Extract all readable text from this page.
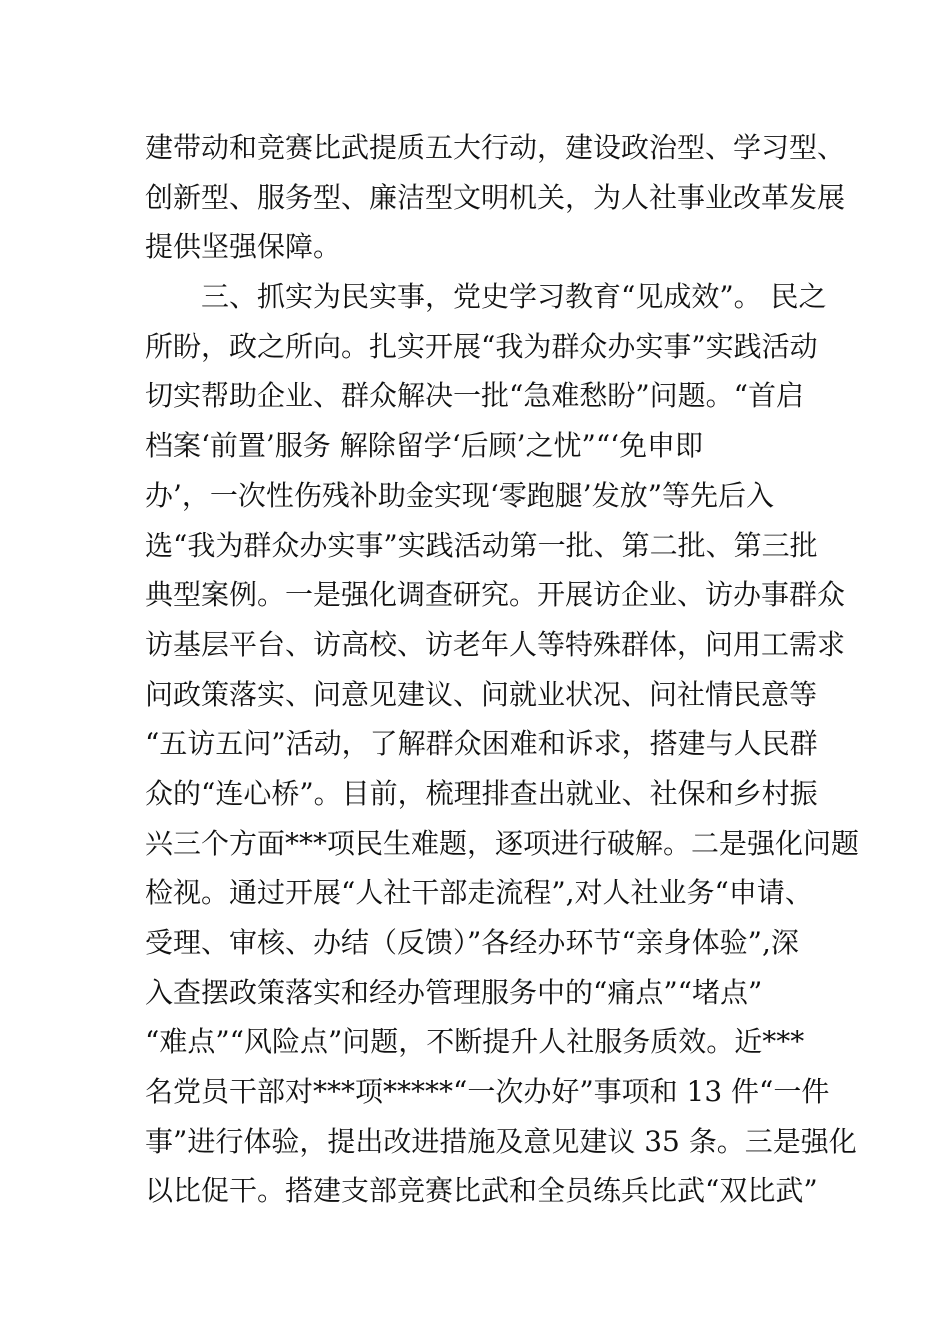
建带动和竞赛比武提质五大行动，建设政治型、学习型、
创新型、服务型、廉洁型文明机关，为人社事业改革发展
提供坚强保障。
　　三、抓实为民实事，党史学习教育“见成效”。 民之
所盼，政之所向。扎实开展“我为群众办实事”实践活动
切实帮助企业、群众解决一批“急难愁盼”问题。“首启
档案‘前置’服务 解除留学‘后顾’之忧”“‘免申即
办’，一次性伤残补助金实现‘零跑腿’发放”等先后入
选“我为群众办实事”实践活动第一批、第二批、第三批
典型案例。一是强化调查研究。开展访企业、访办事群众
访基层平台、访高校、访老年人等特殊群体，问用工需求
问政策落实、问意见建议、问就业状况、问社情民意等
“五访五问”活动，了解群众困难和诉求，搭建与人民群
众的“连心桥”。目前，梳理排查出就业、社保和乡村振
兴三个方面***项民生难题，逐项进行破解。二是强化问题
检视。通过开展“人社干部走流程”,对人社业务“申请、
受理、审核、办结（反馈）”各经办环节“亲身体验”,深
入查摆政策落实和经办管理服务中的“痛点”“堵点”
“难点”“风险点”问题，不断提升人社服务质效。近***
名党员干部对***项*****“一次办好”事项和 13 件“一件
事”进行体验，提出改进措施及意见建议 35 条。三是强化
以比促干。搭建支部竞赛比武和全员练兵比武“双比武”
